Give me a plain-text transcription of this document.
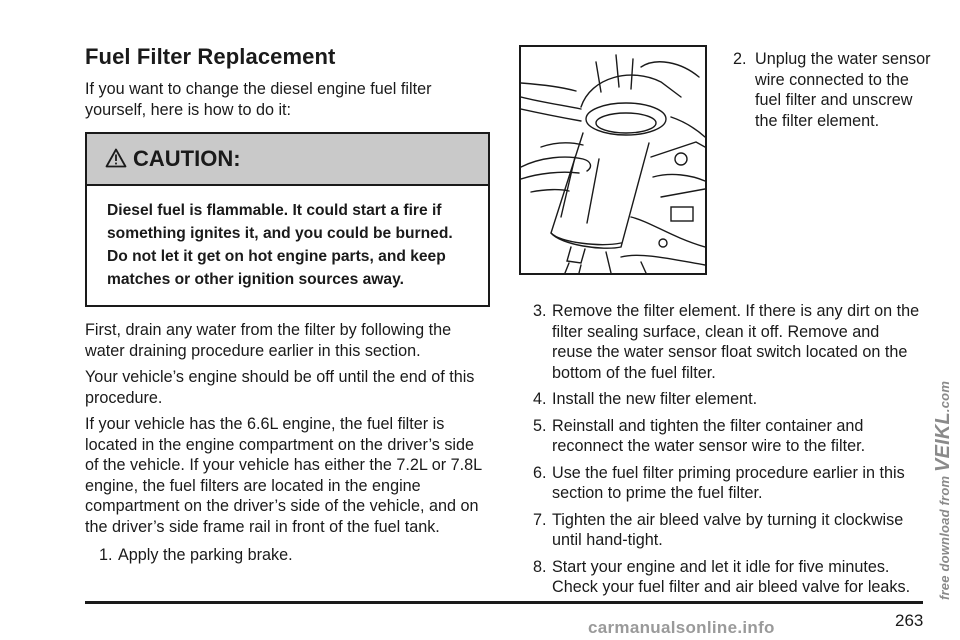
Fuel Filter Replacement

If you want to change the diesel engine fuel filter yourself, here is how to do it:

CAUTION:
Diesel fuel is flammable. It could start a fire if something ignites it, and you could be burned. Do not let it get on hot engine parts, and keep matches or other ignition sources away.

First, drain any water from the filter by following the water draining procedure earlier in this section.

Your vehicle’s engine should be off until the end of this procedure.

If your vehicle has the 6.6L engine, the fuel filter is located in the engine compartment on the driver’s side of the vehicle. If your vehicle has either the 7.2L or 7.8L engine, the fuel filters are located in the engine compartment on the driver’s side of the vehicle, and on the driver’s side frame rail in front of the fuel tank.

1. Apply the parking brake.

2. Unplug the water sensor wire connected to the fuel filter and unscrew the filter element.
3. Remove the filter element. If there is any dirt on the filter sealing surface, clean it off. Remove and reuse the water sensor float switch located on the bottom of the fuel filter.
4. Install the new filter element.
5. Reinstall and tighten the filter container and reconnect the water sensor wire to the filter.
6. Use the fuel filter priming procedure earlier in this section to prime the fuel filter.
7. Tighten the air bleed valve by turning it clockwise until hand-tight.
8. Start your engine and let it idle for five minutes. Check your fuel filter and air bleed valve for leaks.
263
free download from VEIKL.com
carmanualsonline.info
